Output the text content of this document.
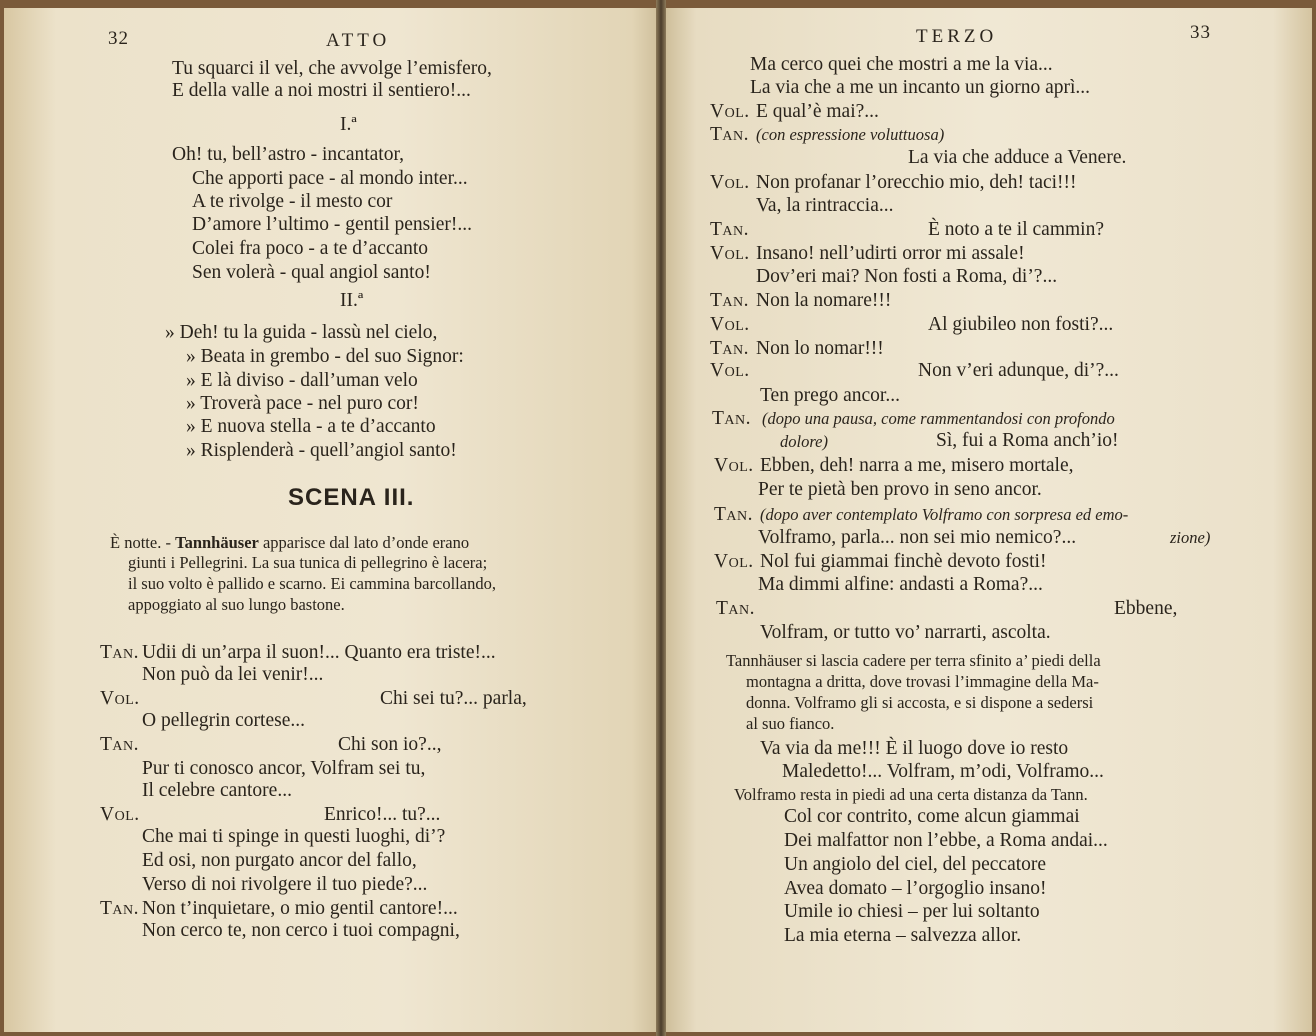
32	ATTO	TERZO	33
SCENA III.
Tu squarci il vel, che avvolge l’emisfero,
E della valle a noi mostri il sentiero!...
I.ª
Oh! tu, bell’astro - incantator,
Che apporti pace - al mondo inter...
A te rivolge - il mesto cor
D’amore l’ultimo - gentil pensier!...
Colei fra poco - a te d’accanto
Sen volerà - qual angiol santo!
II.ª
» Deh! tu la guida - lassù nel cielo,
» Beata in grembo - del suo Signor:
» E là diviso - dall’uman velo
» Troverà pace - nel puro cor!
» E nuova stella - a te d’accanto
» Risplenderà - quell’angiol santo!
È notte. - Tannhäuser apparisce dal lato d’onde erano
giunti i Pellegrini. La sua tunica di pellegrino è lacera;
il suo volto è pallido e scarno. Ei cammina barcollando,
appoggiato al suo lungo bastone.
Tan. Udii di un’arpa il suon!... Quanto era triste!...
Non può da lei venir!...
Vol.	Chi sei tu?... parla,
O pellegrin cortese...
Tan.	Chi son io?..,
Pur ti conosco ancor, Volfram sei tu,
Il celebre cantore...
Vol.	Enrico!... tu?...
Che mai ti spinge in questi luoghi, di’?
Ed osi, non purgato ancor del fallo,
Verso di noi rivolgere il tuo piede?...
Tan. Non t’inquietare, o mio gentil cantore!...
Non cerco te, non cerco i tuoi compagni,
Ma cerco quei che mostri a me la via...
La via che a me un incanto un giorno aprì...
Vol. E qual’è mai?...
Tan. (con espressione voluttuosa)
La via che adduce a Venere.
Vol. Non profanar l’orecchio mio, deh! taci!!!
Va, la rintraccia...
Tan.	È noto a te il cammin?
Vol. Insano! nell’udirti orror mi assale!
Dov’eri mai? Non fosti a Roma, di’?...
Tan. Non la nomare!!!
Vol.	Al giubileo non fosti?...
Tan. Non lo nomar!!!
Vol.	Non v’eri adunque, di’?...
Ten prego ancor...
Tan. (dopo una pausa, come rammentandosi con profondo
dolore)	Sì, fui a Roma anch’io!
Vol. Ebben, deh! narra a me, misero mortale,
Per te pietà ben provo in seno ancor.
Tan. (dopo aver contemplato Volframo con sorpresa ed emo-
Volframo, parla... non sei mio nemico?...	zione)
Vol. Nol fui giammai finchè devoto fosti!
Ma dimmi alfine: andasti a Roma?...
Tan.	Ebbene,
Volfram, or tutto vo’ narrarti, ascolta.
Tannhäuser si lascia cadere per terra sfinito a’ piedi della
montagna a dritta, dove trovasi l’immagine della Ma-
donna. Volframo gli si accosta, e si dispone a sedersi
al suo fianco.
Va via da me!!! È il luogo dove io resto
Maledetto!... Volfram, m’odi, Volframo...
Volframo resta in piedi ad una certa distanza da Tann.
Col cor contrito, come alcun giammai
Dei malfattor non l’ebbe, a Roma andai...
Un angiolo del ciel, del peccatore
Avea domato – l’orgoglio insano!
Umile io chiesi – per lui soltanto
La mia eterna – salvezza allor.
